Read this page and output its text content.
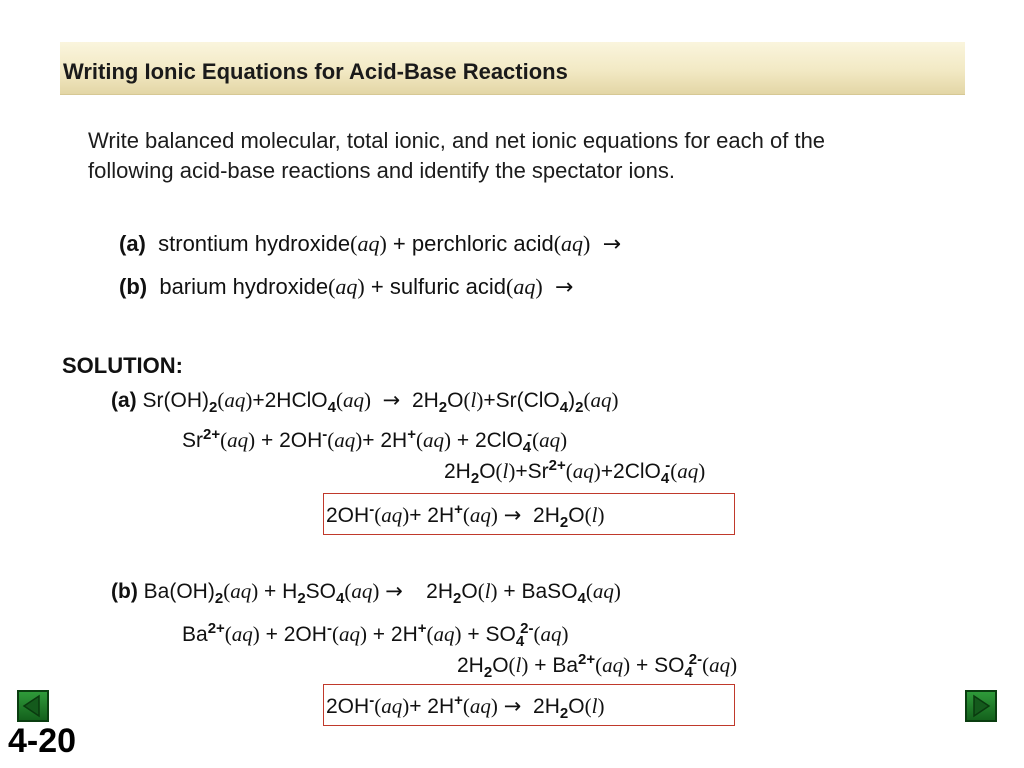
Writing Ionic Equations for Acid-Base Reactions
Write balanced molecular, total ionic, and net ionic equations for each of the
following acid-base reactions and identify the spectator ions.
(a) strontium hydroxide(aq) + perchloric acid(aq) →
(b) barium hydroxide(aq) + sulfuric acid(aq) →
SOLUTION:
(a) $Sr(OH)_2(aq)+2HClO_4(aq) \to 2H_2O(l)+Sr(ClO_4)_2(aq)$
$Sr^{2+}(aq) + 2OH^-(aq)+ 2H^+(aq) + 2ClO_4^-(aq)$
$2H_2O(l)+Sr^{2+}(aq)+2ClO_4^-(aq)$
$2OH^-(aq)+ 2H^+(aq) \to 2H_2O(l)$
(b) $Ba(OH)_2(aq) + H_2SO_4(aq) \to 2H_2O(l)$ + BaSO$_4$(aq)
$Ba^{2+}(aq) + 2OH^-(aq) + 2H^+(aq) + SO_4^{2-}(aq)$
$2H_2O(l) + Ba^{2+}(aq) + SO_4^{2-}(aq)$
$2OH^-(aq)+ 2H^+(aq) \to 2H_2O(l)$
4-20
